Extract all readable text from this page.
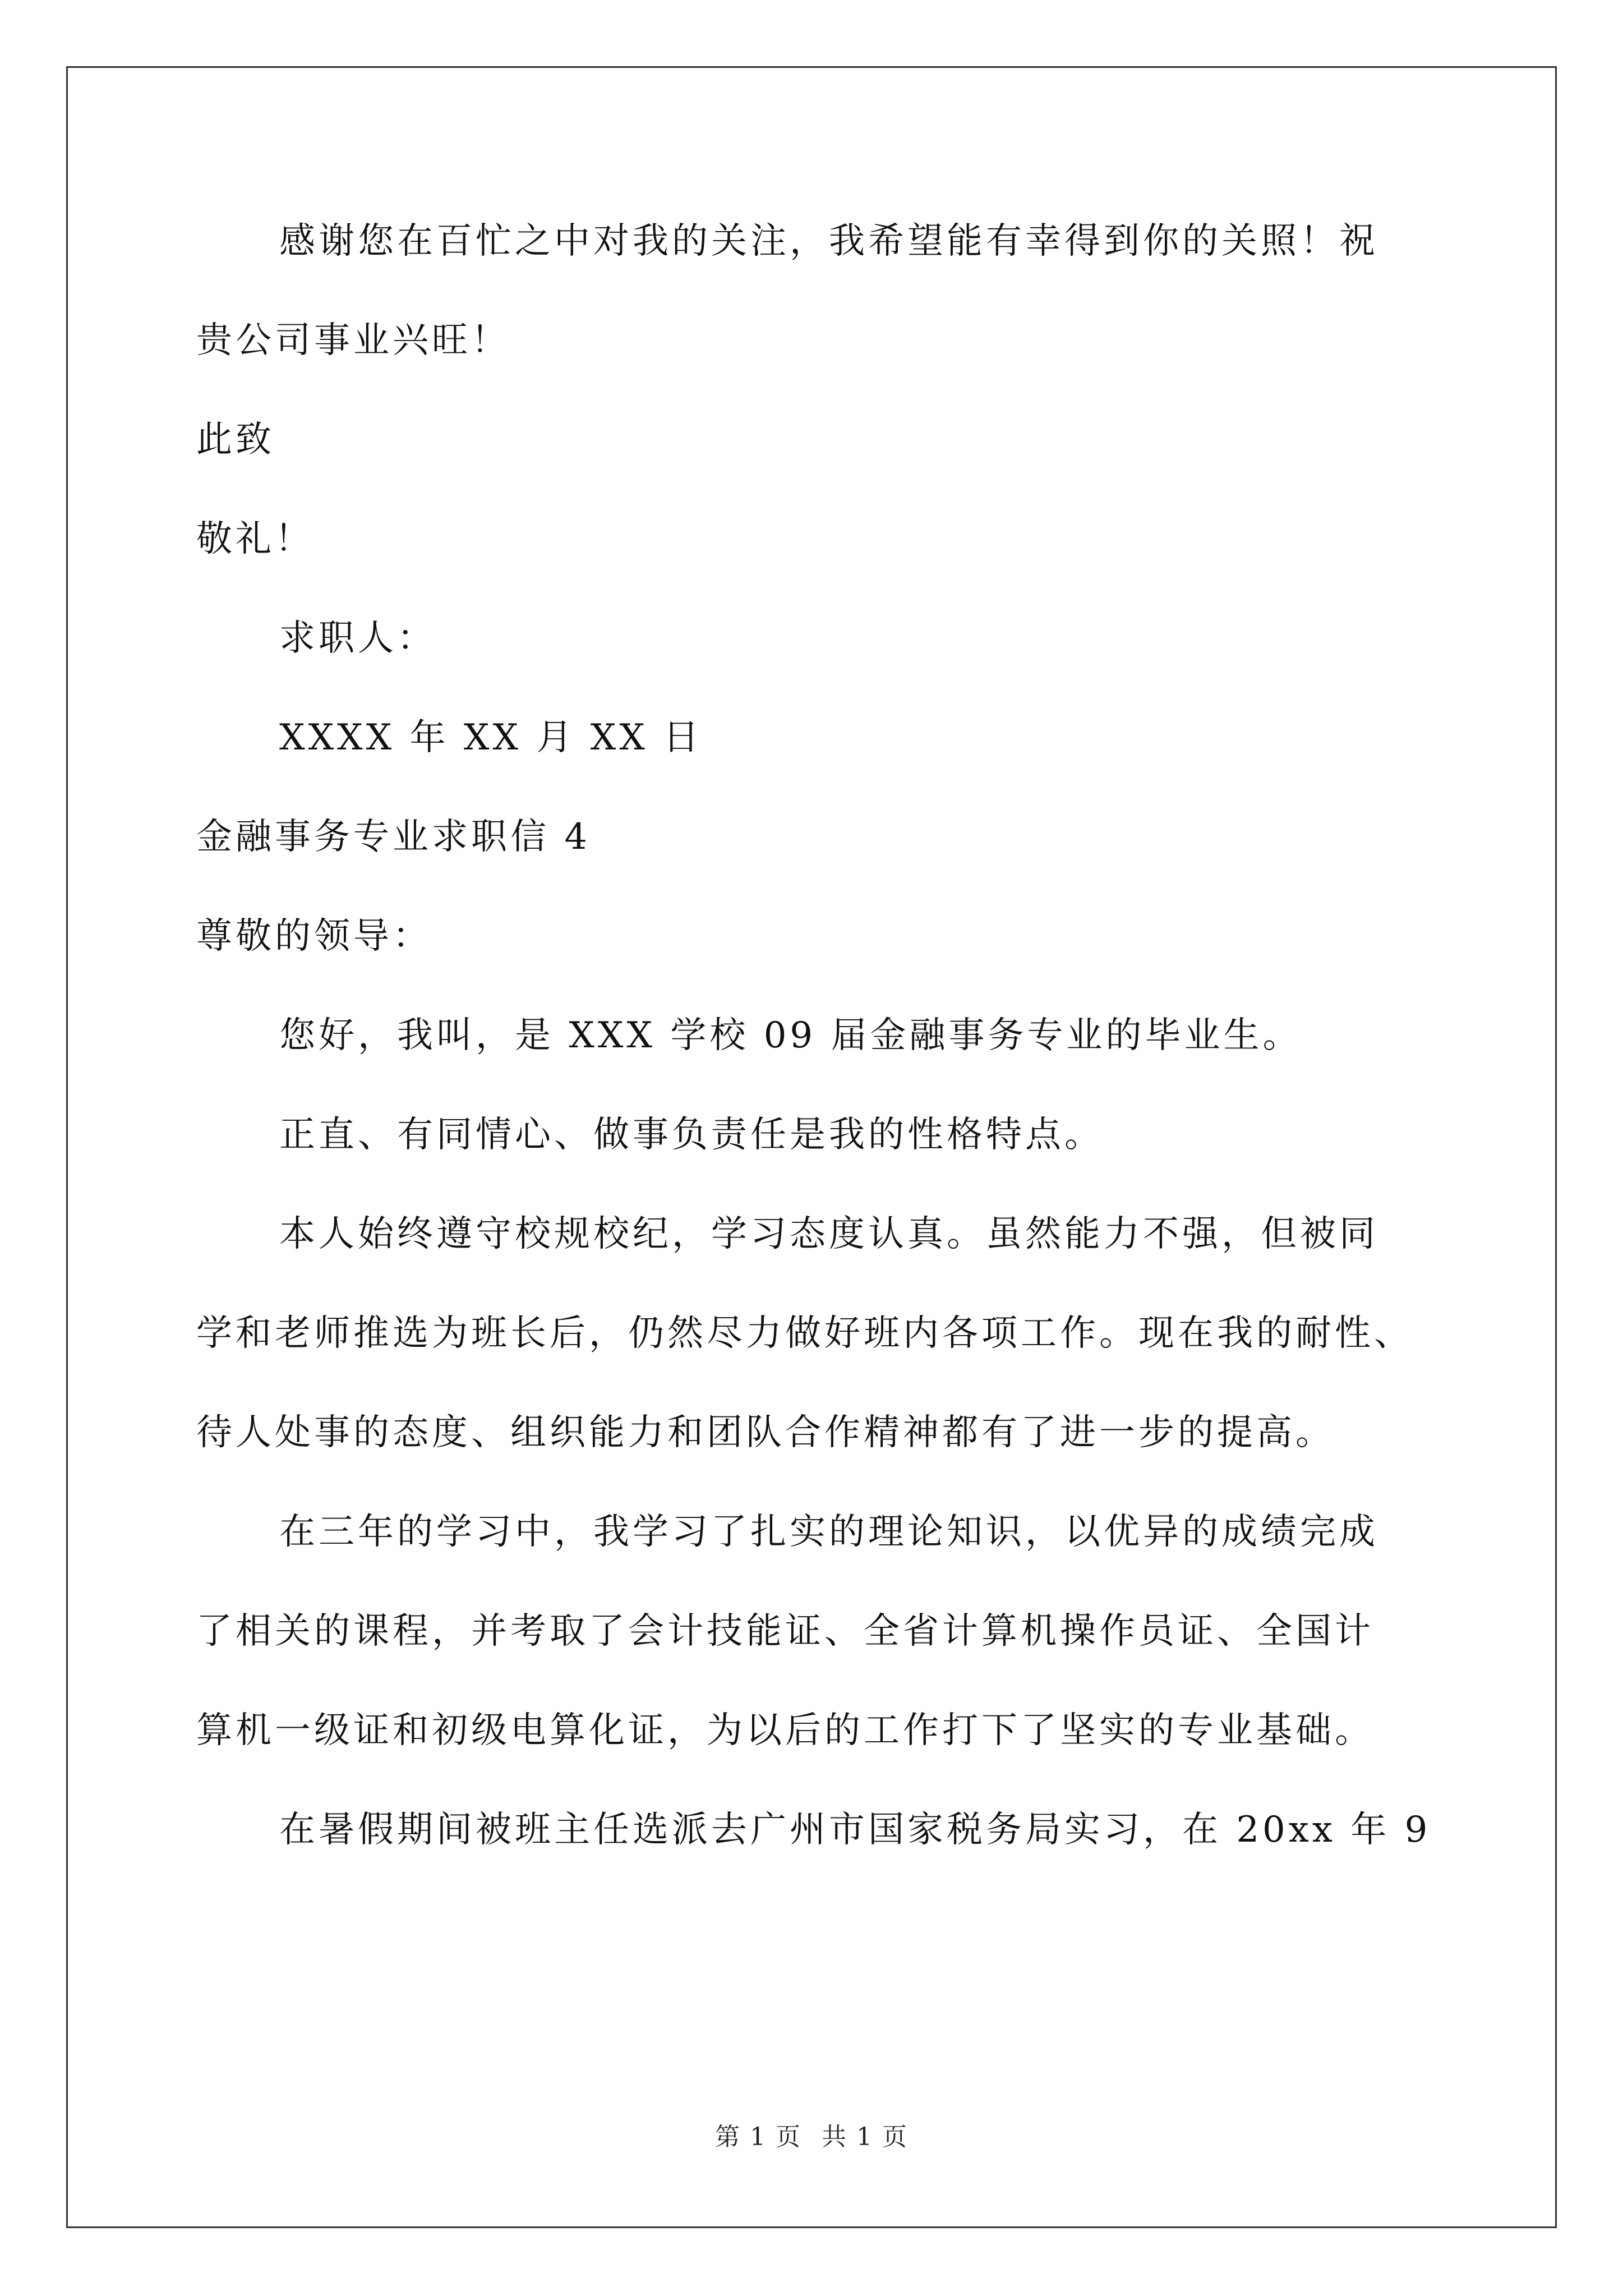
感谢您在百忙之中对我的关注，我希望能有幸得到你的关照！祝
贵公司事业兴旺！
此致
敬礼！
求职人：
XXXX 年 XX 月 XX 日
金融事务专业求职信 4
尊敬的领导：
您好，我叫，是 XXX 学校 09 届金融事务专业的毕业生。
正直、有同情心、做事负责任是我的性格特点。
本人始终遵守校规校纪，学习态度认真。虽然能力不强，但被同
学和老师推选为班长后，仍然尽力做好班内各项工作。现在我的耐性、
待人处事的态度、组织能力和团队合作精神都有了进一步的提高。
在三年的学习中，我学习了扎实的理论知识，以优异的成绩完成
了相关的课程，并考取了会计技能证、全省计算机操作员证、全国计
算机一级证和初级电算化证，为以后的工作打下了坚实的专业基础。
在暑假期间被班主任选派去广州市国家税务局实习，在 20xx 年 9
第 1 页 共 1 页
